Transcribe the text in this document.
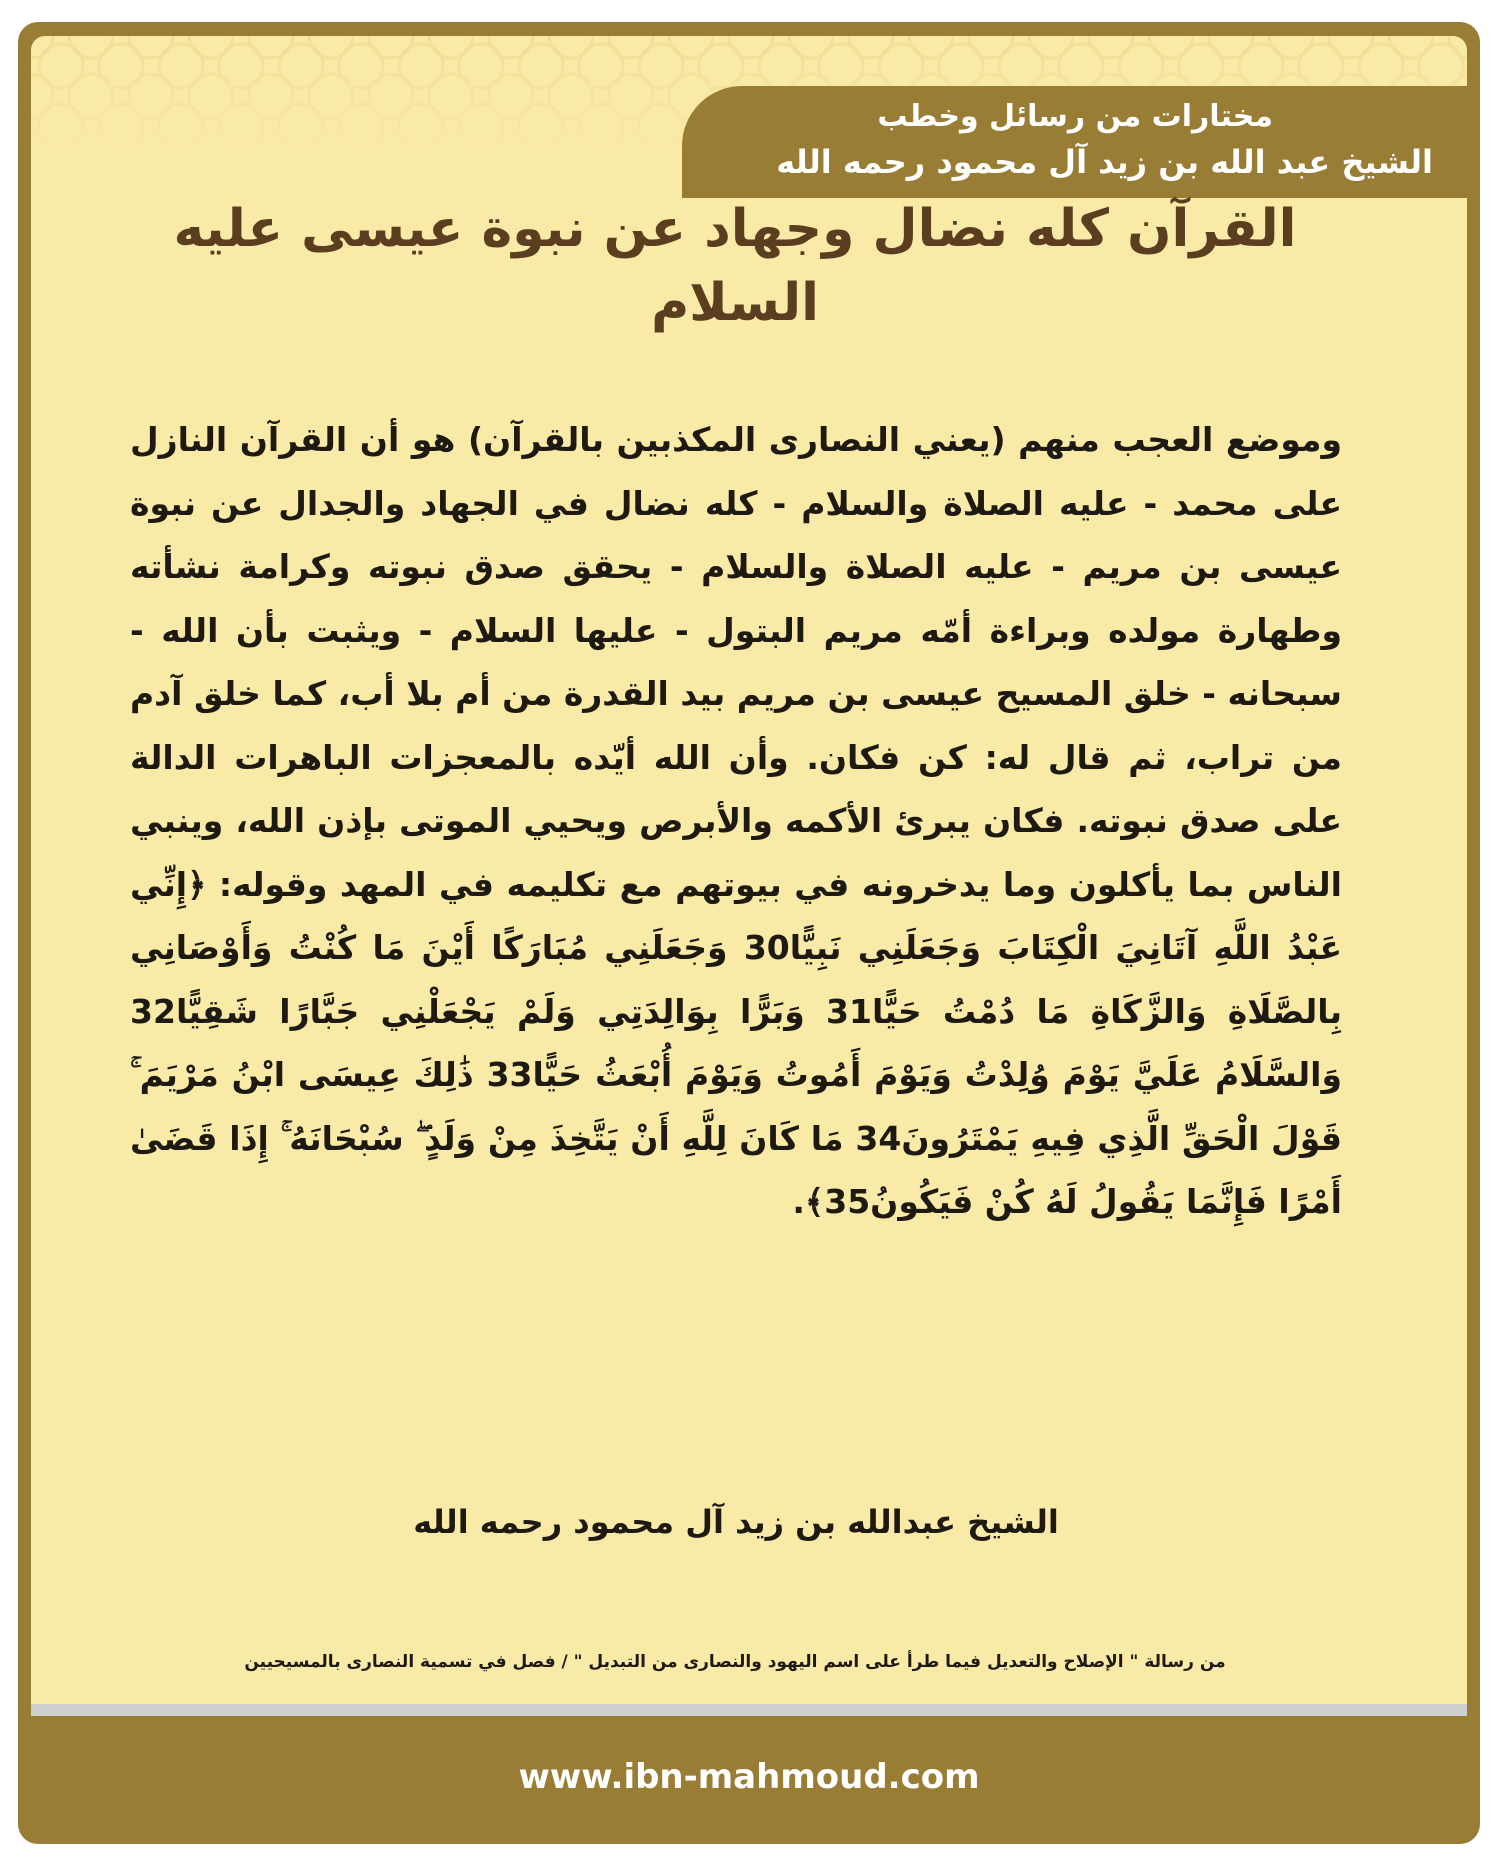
مختارات من رسائل وخطب
الشيخ عبد الله بن زيد آل محمود رحمه الله
القرآن كله نضال وجهاد عن نبوة عيسى عليه السلام
وموضع العجب منهم (يعني النصارى المكذبين بالقرآن) هو أن القرآن النازل على محمد - عليه الصلاة والسلام - كله نضال في الجهاد والجدال عن نبوة عيسى بن مريم - عليه الصلاة والسلام - يحقق صدق نبوته وكرامة نشأته وطهارة مولده وبراءة أمّه مريم البتول - عليها السلام - ويثبت بأن الله - سبحانه - خلق المسيح عيسى بن مريم بيد القدرة من أم بلا أب، كما خلق آدم من تراب، ثم قال له: كن فكان. وأن الله أيّده بالمعجزات الباهرات الدالة على صدق نبوته. فكان يبرئ الأكمه والأبرص ويحيي الموتى بإذن الله، وينبي الناس بما يأكلون وما يدخرونه في بيوتهم مع تكليمه في المهد وقوله: ﴿إِنِّي عَبْدُ اللَّهِ آتَانِيَ الْكِتَابَ وَجَعَلَنِي نَبِيًّا30 وَجَعَلَنِي مُبَارَكًا أَيْنَ مَا كُنْتُ وَأَوْصَانِي بِالصَّلَاةِ وَالزَّكَاةِ مَا دُمْتُ حَيًّا31 وَبَرًّا بِوَالِدَتِي وَلَمْ يَجْعَلْنِي جَبَّارًا شَقِيًّا32 وَالسَّلَامُ عَلَيَّ يَوْمَ وُلِدْتُ وَيَوْمَ أَمُوتُ وَيَوْمَ أُبْعَثُ حَيًّا33 ذَٰلِكَ عِيسَى ابْنُ مَرْيَمَ ۚ قَوْلَ الْحَقِّ الَّذِي فِيهِ يَمْتَرُونَ34 مَا كَانَ لِلَّهِ أَنْ يَتَّخِذَ مِنْ وَلَدٍ ۖ سُبْحَانَهُ ۚ إِذَا قَضَىٰ أَمْرًا فَإِنَّمَا يَقُولُ لَهُ كُنْ فَيَكُونُ35﴾.
الشيخ عبدالله بن زيد آل محمود رحمه الله
من رسالة " الإصلاح والتعديل فيما طرأ على اسم اليهود والنصارى من التبديل " / فصل في تسمية النصارى بالمسيحيين
www.ibn-mahmoud.com
